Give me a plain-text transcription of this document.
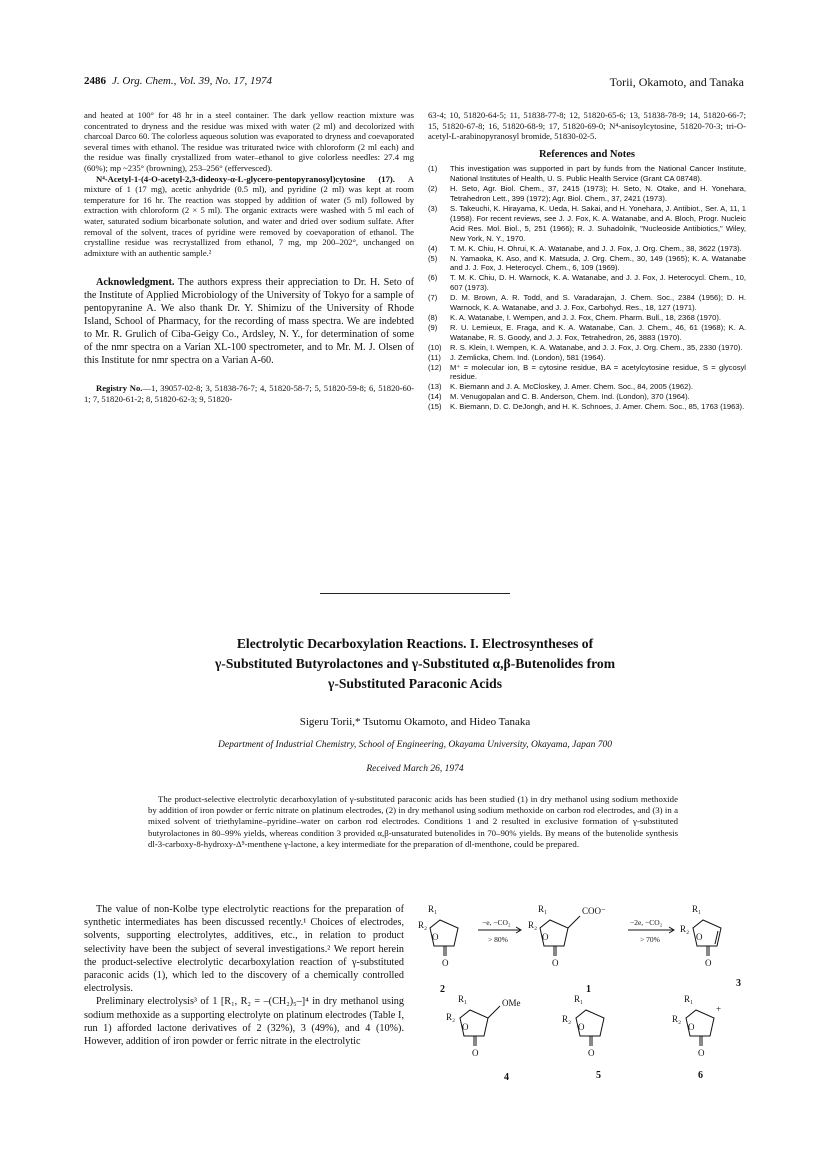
2486 J. Org. Chem., Vol. 39, No. 17, 1974	Torii, Okamoto, and Tanaka

and heated at 100° for 48 hr in a steel container. The dark yellow reaction mixture was concentrated to dryness and the residue was mixed with water (2 ml) and decolorized with charcoal Darco 60. The colorless aqueous solution was evaporated to dryness and coevaporated several times with ethanol. The residue was triturated twice with chloroform (2 ml each) and the residue was finally crystallized from water–ethanol to give colorless needles: 27.4 mg (60%); mp ~235° (browning), 253–256° (effervesced).

N⁴-Acetyl-1-(4-O-acetyl-2,3-dideoxy-α-L-glycero-pentopyranosyl)cytosine (17). A mixture of 1 (17 mg), acetic anhydride (0.5 ml), and pyridine (2 ml) was kept at room temperature for 16 hr. The reaction was stopped by addition of water (5 ml) followed by extraction with chloroform (2 × 5 ml). The organic extracts were washed with 5 ml each of water, saturated sodium bicarbonate solution, and water and dried over sodium sulfate. After removal of the solvent, traces of pyridine were removed by coevaporation of ethanol. The crystalline residue was recrystallized from ethanol, 7 mg, mp 200–202°, unchanged on admixture with an authentic sample.²

Acknowledgment. The authors express their appreciation to Dr. H. Seto of the Institute of Applied Microbiology of the University of Tokyo for a sample of pentopyranine A. We also thank Dr. Y. Shimizu of the University of Rhode Island, School of Pharmacy, for the recording of mass spectra. We are indebted to Mr. R. Grulich of Ciba-Geigy Co., Ardsley, N. Y., for determination of some of the nmr spectra on a Varian XL-100 spectrometer, and to Mr. M. J. Olsen of this Institute for nmr spectra on a Varian A-60.

Registry No.—1, 39057-02-8; 3, 51838-76-7; 4, 51820-58-7; 5, 51820-59-8; 6, 51820-60-1; 7, 51820-61-2; 8, 51820-62-3; 9, 51820-

63-4; 10, 51820-64-5; 11, 51838-77-8; 12, 51820-65-6; 13, 51838-78-9; 14, 51820-66-7; 15, 51820-67-8; 16, 51820-68-9; 17, 51820-69-0; N⁴-anisoylcytosine, 51820-70-3; tri-O-acetyl-L-arabinopyranosyl bromide, 51830-02-5.

References and Notes
(1)	This investigation was supported in part by funds from the National Cancer Institute, National Institutes of Health, U. S. Public Health Service (Grant CA 08748).
(2)	H. Seto, Agr. Biol. Chem., 37, 2415 (1973); H. Seto, N. Otake, and H. Yonehara, Tetrahedron Lett., 399 (1972); Agr. Biol. Chem., 37, 2421 (1973).
(3)	S. Takeuchi, K. Hirayama, K. Ueda, H. Sakai, and H. Yonehara, J. Antibiot., Ser. A, 11, 1 (1958). For recent reviews, see J. J. Fox, K. A. Watanabe, and A. Bloch, Progr. Nucleic Acid Res. Mol. Biol., 5, 251 (1966); R. J. Suhadolnik, "Nucleoside Antibiotics," Wiley, New York, N. Y., 1970.
(4)	T. M. K. Chiu, H. Ohrui, K. A. Watanabe, and J. J. Fox, J. Org. Chem., 38, 3622 (1973).
(5)	N. Yamaoka, K. Aso, and K. Matsuda, J. Org. Chem., 30, 149 (1965); K. A. Watanabe and J. J. Fox, J. Heterocycl. Chem., 6, 109 (1969).
(6)	T. M. K. Chiu, D. H. Warnock, K. A. Watanabe, and J. J. Fox, J. Heterocycl. Chem., 10, 607 (1973).
(7)	D. M. Brown, A. R. Todd, and S. Varadarajan, J. Chem. Soc., 2384 (1956); D. H. Warnock, K. A. Watanabe, and J. J. Fox, Carbohyd. Res., 18, 127 (1971).
(8)	K. A. Watanabe, I. Wempen, and J. J. Fox, Chem. Pharm. Bull., 18, 2368 (1970).
(9)	R. U. Lemieux, E. Fraga, and K. A. Watanabe, Can. J. Chem., 46, 61 (1968); K. A. Watanabe, R. S. Goody, and J. J. Fox, Tetrahedron, 26, 3883 (1970).
(10)	R. S. Klein, I. Wempen, K. A. Watanabe, and J. J. Fox, J. Org. Chem., 35, 2330 (1970).
(11)	J. Zemlicka, Chem. Ind. (London), 581 (1964).
(12)	M⁺ = molecular ion, B = cytosine residue, BA = acetylcytosine residue, S = glycosyl residue.
(13)	K. Biemann and J. A. McCloskey, J. Amer. Chem. Soc., 84, 2005 (1962).
(14)	M. Venugopalan and C. B. Anderson, Chem. Ind. (London), 370 (1964).
(15)	K. Biemann, D. C. DeJongh, and H. K. Schnoes, J. Amer. Chem. Soc., 85, 1763 (1963).
Electrolytic Decarboxylation Reactions. I. Electrosyntheses of
γ-Substituted Butyrolactones and γ-Substituted α,β-Butenolides from
γ-Substituted Paraconic Acids
Sigeru Torii,* Tsutomu Okamoto, and Hideo Tanaka
Department of Industrial Chemistry, School of Engineering, Okayama University, Okayama, Japan 700
Received March 26, 1974
The product-selective electrolytic decarboxylation of γ-substituted paraconic acids has been studied (1) in dry methanol using sodium methoxide by addition of iron powder or ferric nitrate on platinum electrodes, (2) in dry methanol using sodium methoxide on carbon rod electrodes, and (3) in a mixed solvent of triethylamine–pyridine–water on carbon rod electrodes. Conditions 1 and 2 resulted in exclusive formation of γ-substituted butyrolactones in 80–99% yields, whereas condition 3 provided α,β-unsaturated butenolides in 70–90% yields. By means of the butenolide synthesis dl-3-carboxy-8-hydroxy-Δ⁵-menthene γ-lactone, a key intermediate for the preparation of dl-menthone, could be prepared.

The value of non-Kolbe type electrolytic reactions for the preparation of synthetic intermediates has been discussed recently.¹ Choices of electrodes, solvents, supporting electrolytes, additives, etc., in relation to product selectivity have been the subject of several investigations.² We report herein the product-selective electrolytic decarboxylation reaction of γ-substituted paraconic acids (1), which led to the discovery of a chemically controlled electrolysis.

Preliminary electrolysis³ of 1 [R₁, R₂ = –(CH₂)₅–]⁴ in dry methanol using sodium methoxide as a supporting electrolyte on platinum electrodes (Table I, run 1) afforded lactone derivatives of 2 (32%), 3 (49%), and 4 (10%). However, addition of iron powder or ferric nitrate in the electrolytic

R₁
R₂
O
O
2
−e, −CO₂
> 80%
R₁
R₂
O
COO⁻
O
1
−2e, −CO₂
> 70%
R₁
R₂
O
O
3
R₁
R₂
O
OMe
O
4
R₁
R₂
O
O
5
R₁
R₂
O
+
O
6
